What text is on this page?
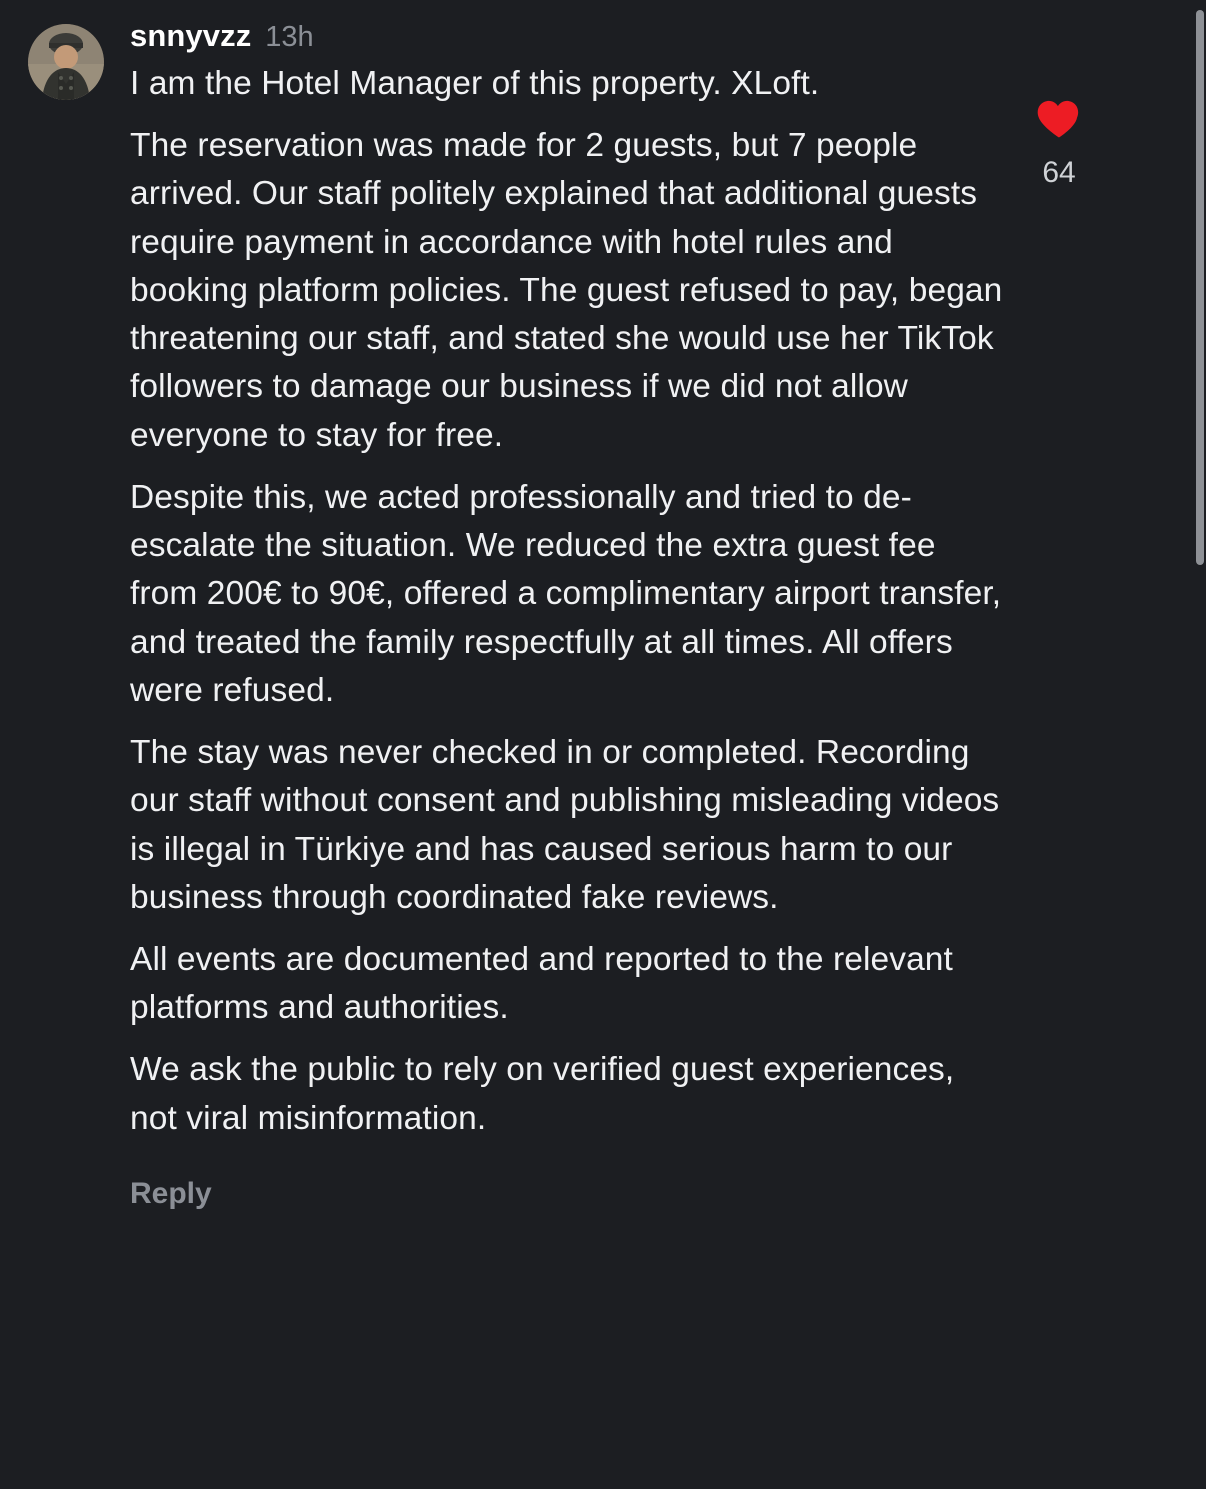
snnyvzz 13h

I am the Hotel Manager of this property. XLoft.

The reservation was made for 2 guests, but 7 people arrived. Our staff politely explained that additional guests require payment in accordance with hotel rules and booking platform policies. The guest refused to pay, began threatening our staff, and stated she would use her TikTok followers to damage our business if we did not allow everyone to stay for free.

Despite this, we acted professionally and tried to de-escalate the situation. We reduced the extra guest fee from 200€ to 90€, offered a complimentary airport transfer, and treated the family respectfully at all times. All offers were refused.

The stay was never checked in or completed. Recording our staff without consent and publishing misleading videos is illegal in Türkiye and has caused serious harm to our business through coordinated fake reviews.

All events are documented and reported to the relevant platforms and authorities.

We ask the public to rely on verified guest experiences, not viral misinformation.

Reply
64
